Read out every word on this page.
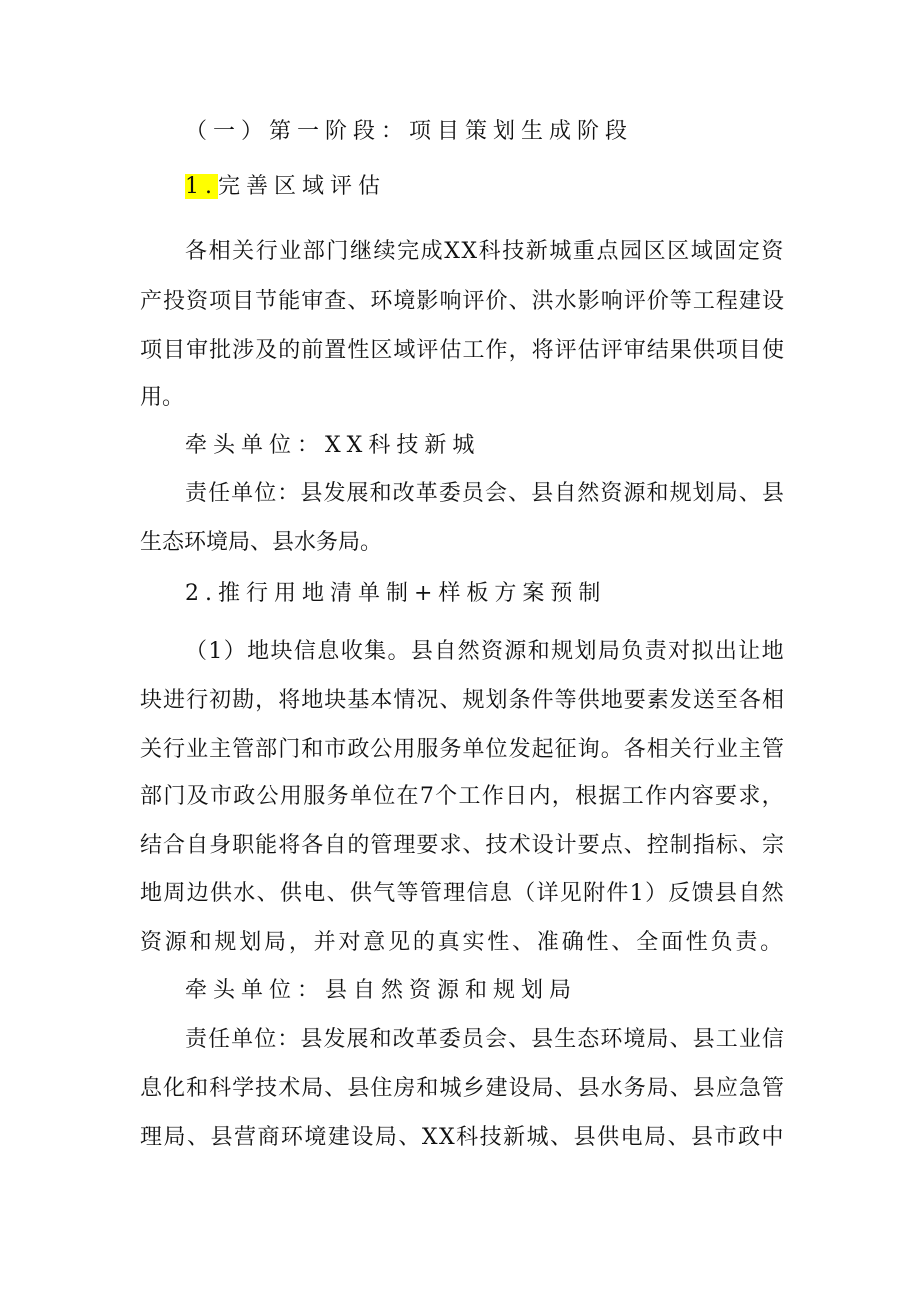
（一）第一阶段：项目策划生成阶段

1.完善区域评估

各相关行业部门继续完成XX科技新城重点园区区域固定资

产投资项目节能审查、环境影响评价、洪水影响评价等工程建设

项目审批涉及的前置性区域评估工作，将评估评审结果供项目使

用。

牵头单位：XX科技新城

责任单位：县发展和改革委员会、县自然资源和规划局、县

生态环境局、县水务局。

2.推行用地清单制+样板方案预制

（1）地块信息收集。县自然资源和规划局负责对拟出让地

块进行初勘，将地块基本情况、规划条件等供地要素发送至各相

关行业主管部门和市政公用服务单位发起征询。各相关行业主管

部门及市政公用服务单位在7个工作日内，根据工作内容要求，

结合自身职能将各自的管理要求、技术设计要点、控制指标、宗

地周边供水、供电、供气等管理信息（详见附件1）反馈县自然

资源和规划局，并对意见的真实性、准确性、全面性负责。

牵头单位：县自然资源和规划局

责任单位：县发展和改革委员会、县生态环境局、县工业信

息化和科学技术局、县住房和城乡建设局、县水务局、县应急管

理局、县营商环境建设局、XX科技新城、县供电局、县市政中
